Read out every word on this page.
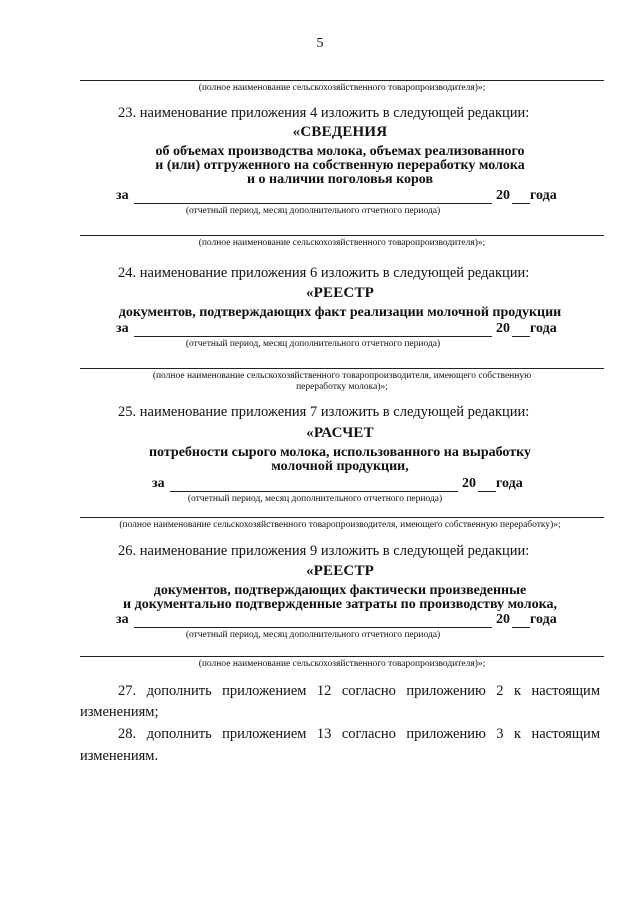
5
(полное наименование сельскохозяйственного товаропроизводителя)»;
23. наименование приложения 4 изложить в следующей редакции:
«СВЕДЕНИЯ
об объемах производства молока, объемах реализованного
и (или) отгруженного на собственную переработку молока
и о наличии поголовья коров
за	20 года
(отчетный период, месяц дополнительного отчетного периода)
(полное наименование сельскохозяйственного товаропроизводителя)»;
24. наименование приложения 6 изложить в следующей редакции:
«РЕЕСТР
документов, подтверждающих факт реализации молочной продукции
за	20 года
(отчетный период, месяц дополнительного отчетного периода)
(полное наименование сельскохозяйственного товаропроизводителя, имеющего собственную
переработку молока)»;
25. наименование приложения 7 изложить в следующей редакции:
«РАСЧЕТ
потребности сырого молока, использованного на выработку
молочной продукции,
за	20 года
(отчетный период, месяц дополнительного отчетного периода)
(полное наименование сельскохозяйственного товаропроизводителя, имеющего собственную переработку)»;
26. наименование приложения 9 изложить в следующей редакции:
«РЕЕСТР
документов, подтверждающих фактически произведенные
и документально подтвержденные затраты по производству молока,
за	20 года
(отчетный период, месяц дополнительного отчетного периода)
(полное наименование сельскохозяйственного товаропроизводителя)»;
27. дополнить приложением 12 согласно приложению 2 к настоящим
изменениям;
28. дополнить приложением 13 согласно приложению 3 к настоящим
изменениям.
